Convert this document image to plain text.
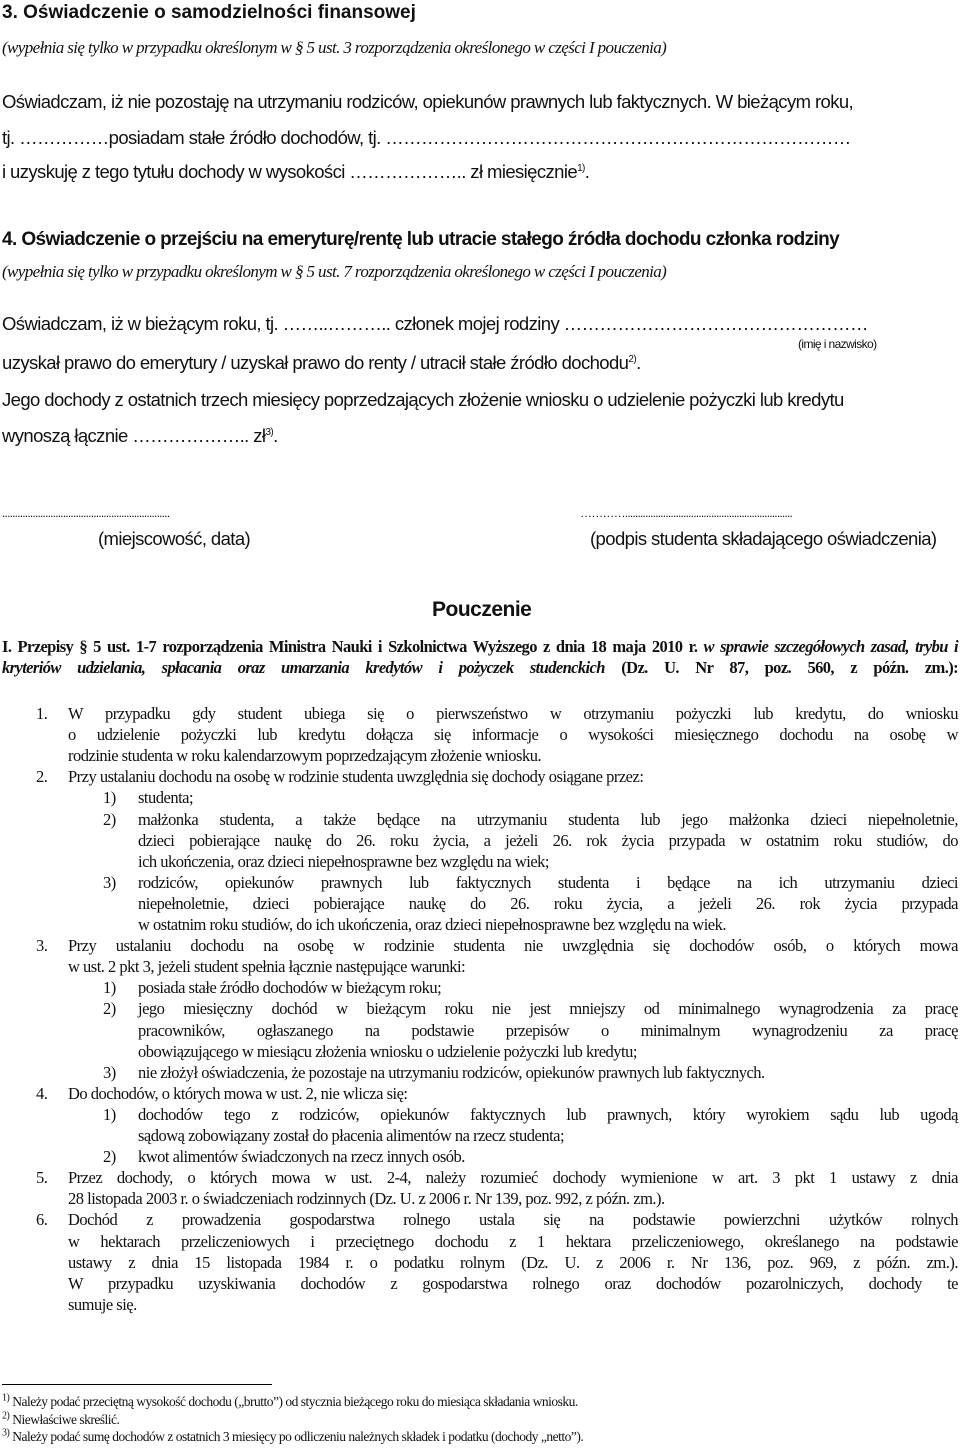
3. Oświadczenie o samodzielności finansowej
(wypełnia się tylko w przypadku określonym w § 5 ust. 3 rozporządzenia określonego w części I pouczenia)
Oświadczam, iż nie pozostaję na utrzymaniu rodziców, opiekunów prawnych lub faktycznych. W bieżącym roku,
tj. ……………posiadam stałe źródło dochodów, tj. ……………………………………………………………………
i uzyskuję z tego tytułu dochody w wysokości ……………….. zł miesięcznie$^{1)}$.
4. Oświadczenie o przejściu na emeryturę/rentę lub utracie stałego źródła dochodu członka rodziny
(wypełnia się tylko w przypadku określonym w § 5 ust. 7 rozporządzenia określonego w części I pouczenia)
Oświadczam, iż w bieżącym roku, tj. ……..……….. członek mojej rodziny ……………………………………………
(imię i nazwisko)
uzyskał prawo do emerytury / uzyskał prawo do renty / utracił stałe źródło dochodu$^{2)}$.
Jego dochody z ostatnich trzech miesięcy poprzedzających złożenie wniosku o udzielenie pożyczki lub kredytu
wynoszą łącznie ……………….. $zł^{3)}$.
..................................................................	…………..................................................................
(miejscowość, data)	(podpis studenta składającego oświadczenia)
Pouczenie
I. Przepisy § 5 ust. 1-7 rozporządzenia Ministra Nauki i Szkolnictwa Wyższego z dnia 18 maja 2010 r. w sprawie szczegółowych zasad, trybu i kryteriów udzielania, spłacania oraz umarzania kredytów i pożyczek studenckich (Dz. U. Nr 87, poz. 560, z późn. zm.):
1. W przypadku gdy student ubiega się o pierwszeństwo w otrzymaniu pożyczki lub kredytu, do wniosku
o udzielenie pożyczki lub kredytu dołącza się informacje o wysokości miesięcznego dochodu na osobę w
rodzinie studenta w roku kalendarzowym poprzedzającym złożenie wniosku.
2. Przy ustalaniu dochodu na osobę w rodzinie studenta uwzględnia się dochody osiągane przez:
1) studenta;
2) małżonka studenta, a także będące na utrzymaniu studenta lub jego małżonka dzieci niepełnoletnie,
dzieci pobierające naukę do 26. roku życia, a jeżeli 26. rok życia przypada w ostatnim roku studiów, do
ich ukończenia, oraz dzieci niepełnosprawne bez względu na wiek;
3) rodziców, opiekunów prawnych lub faktycznych studenta i będące na ich utrzymaniu dzieci
niepełnoletnie, dzieci pobierające naukę do 26. roku życia, a jeżeli 26. rok życia przypada
w ostatnim roku studiów, do ich ukończenia, oraz dzieci niepełnosprawne bez względu na wiek.
3. Przy ustalaniu dochodu na osobę w rodzinie studenta nie uwzględnia się dochodów osób, o których mowa
w ust. 2 pkt 3, jeżeli student spełnia łącznie następujące warunki:
1) posiada stałe źródło dochodów w bieżącym roku;
2) jego miesięczny dochód w bieżącym roku nie jest mniejszy od minimalnego wynagrodzenia za pracę
pracowników, ogłaszanego na podstawie przepisów o minimalnym wynagrodzeniu za pracę
obowiązującego w miesiącu złożenia wniosku o udzielenie pożyczki lub kredytu;
3) nie złożył oświadczenia, że pozostaje na utrzymaniu rodziców, opiekunów prawnych lub faktycznych.
4. Do dochodów, o których mowa w ust. 2, nie wlicza się:
1) dochodów tego z rodziców, opiekunów faktycznych lub prawnych, który wyrokiem sądu lub ugodą
sądową zobowiązany został do płacenia alimentów na rzecz studenta;
2) kwot alimentów świadczonych na rzecz innych osób.
5. Przez dochody, o których mowa w ust. 2-4, należy rozumieć dochody wymienione w art. 3 pkt 1 ustawy z dnia
28 listopada 2003 r. o świadczeniach rodzinnych (Dz. U. z 2006 r. Nr 139, poz. 992, z późn. zm.).
6. Dochód z prowadzenia gospodarstwa rolnego ustala się na podstawie powierzchni użytków rolnych
w hektarach przeliczeniowych i przeciętnego dochodu z 1 hektara przeliczeniowego, określanego na podstawie
ustawy z dnia 15 listopada 1984 r. o podatku rolnym (Dz. U. z 2006 r. Nr 136, poz. 969, z późn. zm.).
W przypadku uzyskiwania dochodów z gospodarstwa rolnego oraz dochodów pozarolniczych, dochody te
sumuje się.
$^{1)}$ Należy podać przeciętną wysokość dochodu („brutto”) od stycznia bieżącego roku do miesiąca składania wniosku.
$^{2)}$ Niewłaściwe skreślić.
$^{3)}$ Należy podać sumę dochodów z ostatnich 3 miesięcy po odliczeniu należnych składek i podatku (dochody „netto”).
